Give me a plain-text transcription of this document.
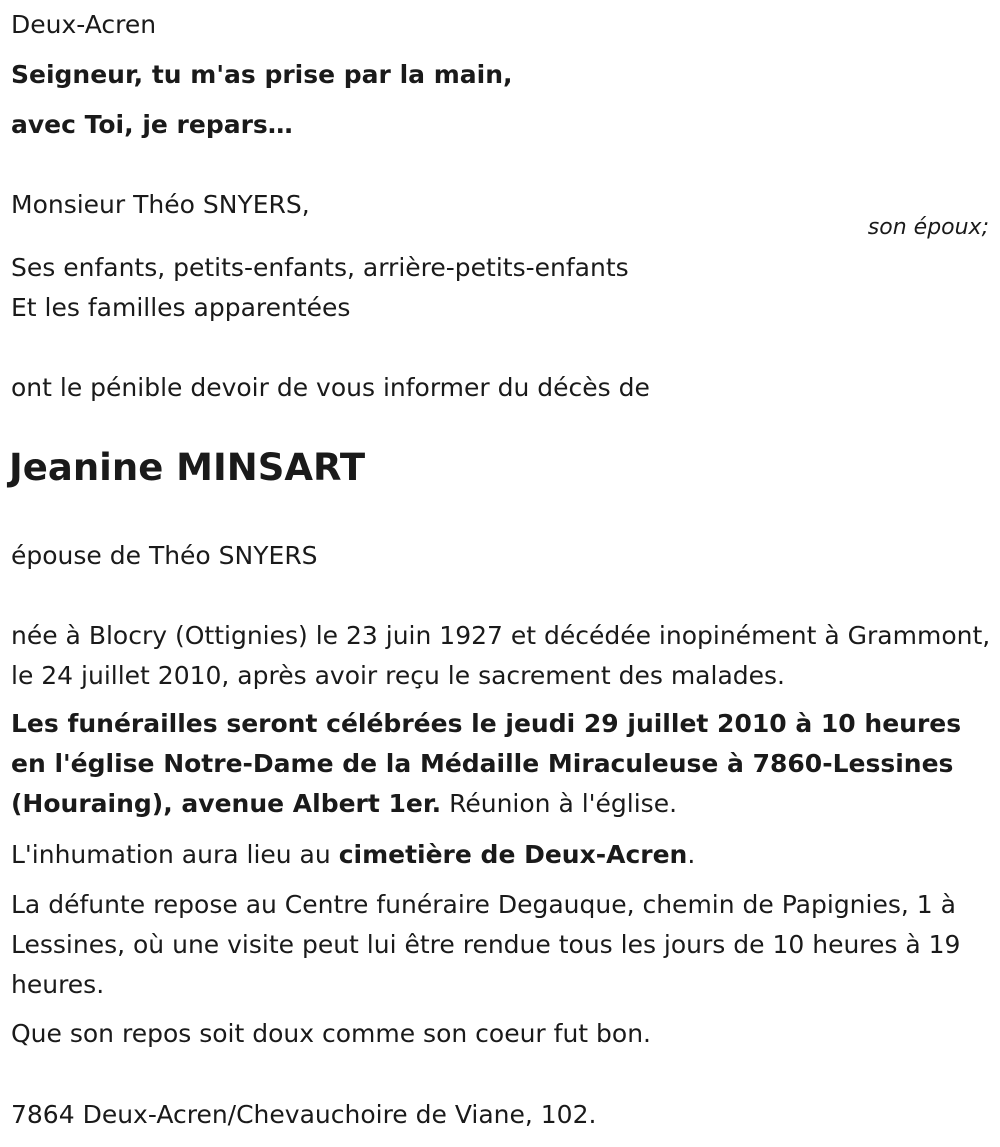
Deux-Acren

Seigneur, tu m'as prise par la main,

avec Toi, je repars…

Monsieur Théo SNYERS,

son époux;

Ses enfants, petits-enfants, arrière-petits-enfants

Et les familles apparentées

ont le pénible devoir de vous informer du décès de

Jeanine MINSART

épouse de Théo SNYERS

née à Blocry (Ottignies) le 23 juin 1927 et décédée inopinément à Grammont, le 24 juillet 2010, après avoir reçu le sacrement des malades.

Les funérailles seront célébrées le jeudi 29 juillet 2010 à 10 heures en l'église Notre-Dame de la Médaille Miraculeuse à 7860-Lessines (Houraing), avenue Albert 1er. Réunion à l'église.

L'inhumation aura lieu au cimetière de Deux-Acren.

La défunte repose au Centre funéraire Degauque, chemin de Papignies, 1 à Lessines, où une visite peut lui être rendue tous les jours de 10 heures à 19 heures.

Que son repos soit doux comme son coeur fut bon.

7864 Deux-Acren/Chevauchoire de Viane, 102.
